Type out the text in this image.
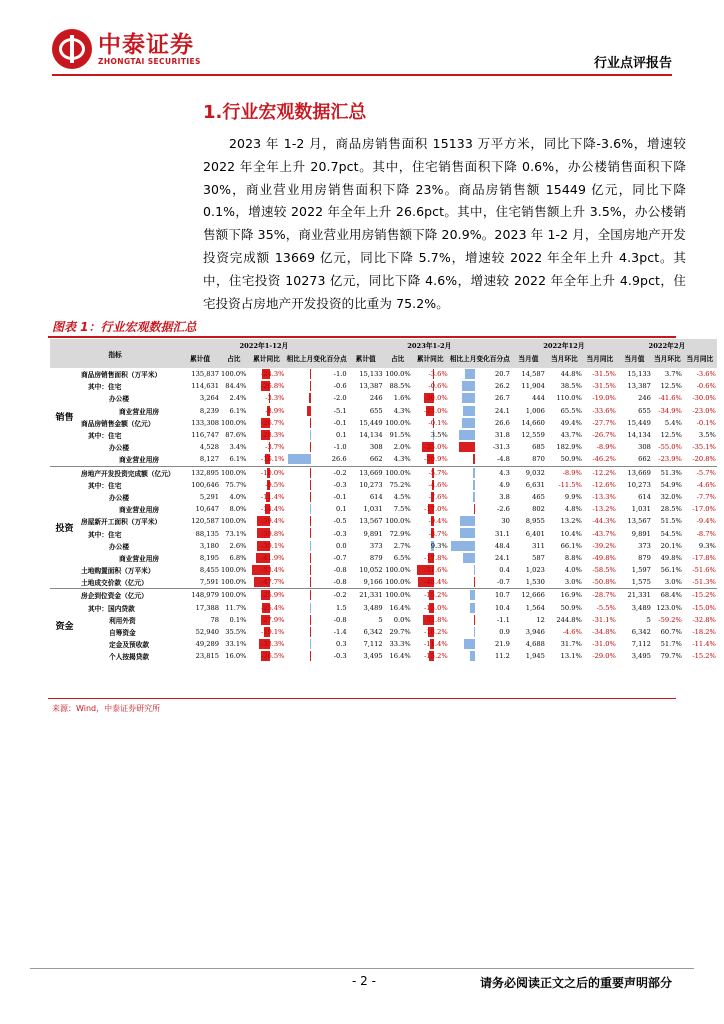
中泰证券
ZHONGTAI SECURITIES	行业点评报告
1.行业宏观数据汇总
2023 年 1-2 月，商品房销售面积 15133 万平方米，同比下降-3.6%，增速较 2022 年全年上升 20.7pct。其中，住宅销售面积下降 0.6%，办公楼销售面积下降 30%，商业营业用房销售面积下降 23%。商品房销售额 15449 亿元，同比下降 0.1%，增速较 2022 年全年上升 26.6pct。其中，住宅销售额上升 3.5%，办公楼销售额下降 35%，商业营业用房销售额下降 20.9%。2023 年 1-2 月，全国房地产开发投资完成额 13669 亿元，同比下降 5.7%，增速较 2022 年全年上升 4.3pct。其中，住宅投资 10273 亿元，同比下降 4.6%，增速较 2022 年全年上升 4.9pct，住宅投资占房地产开发投资的比重为 75.2%。
图表 1：行业宏观数据汇总
指标		2022年1-12月				2023年1-2月				2022年12月			2022年2月		
		累计值	占比	累计同比	相比上月变化百分点	累计值	占比	累计同比	相比上月变化百分点	当月值	当月环比	当月同比	当月值	当月环比	当月同比
销售	商品房销售面积（万平米）	135,837	100.0%	-24.3%	-1.0	15,133	100.0%	-3.6%	20.7	14,587	44.8%	-31.5%	15,133	3.7%	-3.6%
	其中：住宅	114,631	84.4%	-26.8%	-0.6	13,387	88.5%	-0.6%	26.2	11,904	38.5%	-31.5%	13,387	12.5%	-0.6%
	办公楼	3,264	2.4%	-3.3%	-2.0	246	1.6%	-30.0%	26.7	444	110.0%	-19.0%	246	-41.6%	-30.0%
	商业营业用房	8,239	6.1%	-8.9%	-5.1	655	4.3%	-23.0%	24.1	1,006	65.5%	-33.6%	655	-34.9%	-23.0%
	商品房销售金额（亿元）	133,308	100.0%	-26.7%	-0.1	15,449	100.0%	-0.1%	26.6	14,660	49.4%	-27.7%	15,449	5.4%	-0.1%
	其中：住宅	116,747	87.6%	-28.3%	0.1	14,134	91.5%	3.5%	31.8	12,559	43.7%	-26.7%	14,134	12.5%	3.5%
	办公楼	4,528	3.4%	-3.7%	-1.0	308	2.0%	-35.0%	-31.3	685	182.9%	-8.9%	308	-55.0%	-35.1%
	商业营业用房	8,127	6.1%	-16.1%	26.6	662	4.3%	-20.9%	-4.8	870	50.9%	-46.2%	662	-23.9%	-20.8%
投资	房地产开发投资完成额（亿元）	132,895	100.0%	-10.0%	-0.2	13,669	100.0%	-5.7%	4.3	9,032	-8.9%	-12.2%	13,669	51.3%	-5.7%
	其中：住宅	100,646	75.7%	-9.5%	-0.3	10,273	75.2%	-4.6%	4.9	6,631	-11.5%	-12.6%	10,273	54.9%	-4.6%
	办公楼	5,291	4.0%	-11.4%	-0.1	614	4.5%	-7.6%	3.8	465	9.9%	-13.3%	614	32.0%	-7.7%
	商业营业用房	10,647	8.0%	-14.4%	0.1	1,031	7.5%	-17.0%	-2.6	802	4.8%	-13.2%	1,031	28.5%	-17.0%
	房屋新开工面积（万平米）	120,587	100.0%	-39.4%	-0.5	13,567	100.0%	-9.4%	30	8,955	13.2%	-44.3%	13,567	51.5%	-9.4%
	其中：住宅	88,135	73.1%	-39.8%	-0.3	9,891	72.9%	-8.7%	31.1	6,401	10.4%	-43.7%	9,891	54.5%	-8.7%
	办公楼	3,180	2.6%	-39.1%	0.0	373	2.7%	9.3%	48.4	311	66.1%	-39.2%	373	20.1%	9.3%
	商业营业用房	8,195	6.8%	-41.9%	-0.7	879	6.5%	-17.8%	24.1	587	8.8%	-49.8%	879	49.8%	-17.8%
	土地购置面积（万平米）	8,455	100.0%	-53.4%	-0.8	10,052	100.0%	-51.6%	0.4	1,023	4.0%	-58.5%	1,597	56.1%	-51.6%
	土地成交价款（亿元）	7,591	100.0%	-47.7%	-0.8	9,166	100.0%	-48.4%	-0.7	1,530	3.0%	-50.8%	1,575	3.0%	-51.3%
资金	房企到位资金（亿元）	148,979	100.0%	-25.9%	-0.2	21,331	100.0%	-15.2%	10.7	12,666	16.9%	-28.7%	21,331	68.4%	-15.2%
	其中：国内贷款	17,388	11.7%	-25.4%	1.5	3,489	16.4%	-15.0%	10.4	1,564	50.9%	-5.5%	3,489	123.0%	-15.0%
	利用外资	78	0.1%	-27.9%	-0.8	5	0.0%	-32.8%	-1.1	12	244.8%	-31.1%	5	-59.2%	-32.8%
	自筹资金	52,940	35.5%	-19.1%	-1.4	6,342	29.7%	-18.2%	0.9	3,946	-4.6%	-34.8%	6,342	60.7%	-18.2%
	定金及预收款	49,289	33.1%	-33.3%	0.3	7,112	33.3%	-11.4%	21.9	4,688	31.7%	-31.0%	7,112	51.7%	-11.4%
	个人按揭贷款	23,815	16.0%	-26.5%	-0.3	3,495	16.4%	-15.2%	11.2	1,945	13.1%	-29.0%	3,495	79.7%	-15.2%
来源：Wind，中泰证券研究所
- 2 -	请务必阅读正文之后的重要声明部分
